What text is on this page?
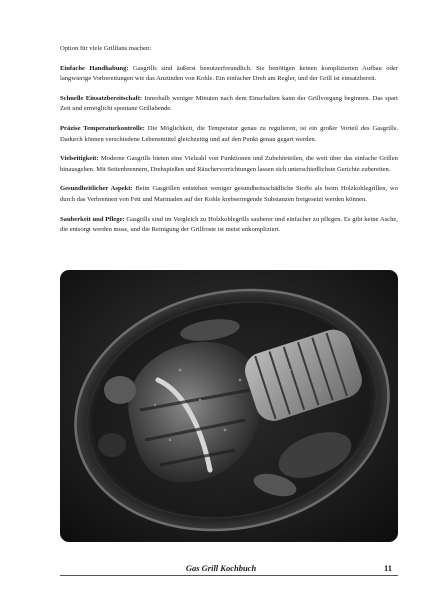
Option für viele Grillfans machen:

Einfache Handhabung: Gasgrills sind äußerst benutzerfreundlich. Sie benötigen keinen komplizierten Aufbau oder langwierige Vorbereitungen wie das Anzünden von Kohle. Ein einfacher Dreh am Regler, und der Grill ist einsatzbereit.

Schnelle Einsatzbereitschaft: Innerhalb weniger Minuten nach dem Einschalten kann der Grillvorgang beginnen. Das spart Zeit und ermöglicht spontane Grillabende.

Präzise Temperaturkontrolle: Die Möglichkeit, die Temperatur genau zu regulieren, ist ein großer Vorteil des Gasgrills. Dadurch können verschiedene Lebensmittel gleichzeitig und auf den Punkt genau gegart werden.

Vielseitigkeit: Moderne Gasgrills bieten eine Vielzahl von Funktionen und Zubehörteilen, die weit über das einfache Grillen hinausgehen. Mit Seitenbrennern, Drehspießen und Räuchervorrichtungen lassen sich unterschiedlichste Gerichte zubereiten.

Gesundheitlicher Aspekt: Beim Gasgrillen entstehen weniger gesundheitsschädliche Stoffe als beim Holzkohlegrillen, wo durch das Verbrennen von Fett und Marinaden auf der Kohle krebserregende Substanzen freigesetzt werden können.

Sauberkeit und Pflege: Gasgrills sind im Vergleich zu Holzkohlegrills sauberer und einfacher zu pflegen. Es gibt keine Asche, die entsorgt werden muss, und die Reinigung der Grillroste ist meist unkompliziert.

Gas Grill Kochbuch	11
